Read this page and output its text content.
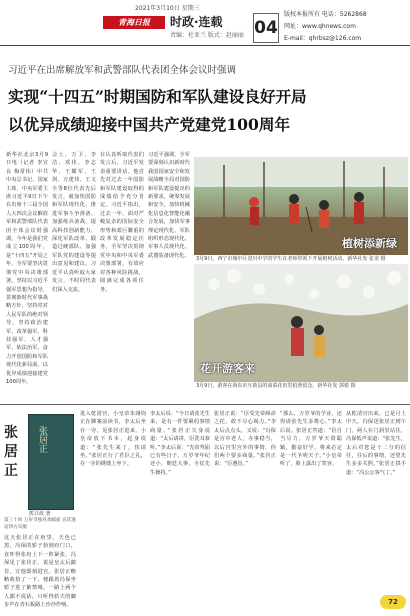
2021年3月10日 星期三
青海日报	时政·连载
责编：杜亚兰 版式：赵丽丽 04
版权本报所有 电话：5262868
网址：www.qhnews.com
E-mail：qhrbsz@126.com
习近平在出席解放军和武警部队代表团全体会议时强调
实现“十四五”时期国防和军队建设良好开局
以优异成绩迎接中国共产党建党100周年
新华社北京3月9日电（记者 李宣良 梅常伟）中共中央总书记、国家主席、中央军委主席习近平9日下午在出席十三届全国人大四次会议解放军和武警部队代表团全体会议时强调，今年是我们党成立100周年，是“十四五”开局之年。全军要坚决贯彻党中央决策部署，坚持以习近平强军思想为指导，贯彻新时代军事战略方针，坚持党对人民军队的绝对领导，坚持政治建军、改革强军、科技强军、人才强军、依法治军，奋力开创国防和军队现代化新局面，以优异成绩迎接建党100周年。
会上，万卫、李洁、邓伟、李志华、王耀军、王剑、万建伟、王文全等8位代表先后发言，就加快国防和军队现代化、推进军事斗争准备、加强练兵备战、提高科技创新能力、深化军队改革、锻造过硬部队、加强军队党的建设等提出意见和建议。习近平认真听取大家发言，不时同代表们深入交流。
在认真听取代表们发言后，习近平发表重要讲话。他首先对过去一年国防和军队建设取得的成绩给予充分肯定。习近平指出，过去一年，面对严峻复杂的国际安全形势和艰巨繁重的改革发展稳定任务，全军坚决贯彻党中央和中央军委决策部署，有效应对各种风险挑战，圆满完成各项任务。
习近平强调，全军要深刻认识新时代我国国家安全和发展战略全局对国防和军队建设提出的新要求，统筹发展和安全，加快机械化信息化智能化融合发展，加快军事理论现代化、军队组织形态现代化、军事人员现代化、武器装备现代化。
植树添新绿
3月9日，西宁市城中区湟川中学的学生在老师带领下开展植树活动。新华社发 张龙 摄
花开游客来
3月9日，游客在海东市互助县的油菜花田里拍照留念。新华社发 郭骏 摄
张居正
张居正
熊召政 著
第三十回 万岁爷独对高邮庙 宣读遗诏四方宾服
这天张居正在府里，天色已黑，冯保的轿子抬到府门口，直吓得张府上下一阵紧张。冯保见了张居正，说是皇太后懿旨，宣他即刻进宫。张居正略略收拾了一下，便跟着冯保坐轿子进了紫禁城。一路上两个人都不说话，只听得轿夫的脚步声在青石板路上沙沙作响。
进入乾清宫，小皇帝朱翊钧正在御案前读书，李太后坐在一旁。见张居正进来，小皇帝放下书本，起身说道：“张先生来了，快请坐。”张居正行了君臣之礼，在一旁的绣墩上坐下。
李太后说：“今日请张先生来，是有一件要紧的事情商量。”张居正欠身说道：“太后请讲，臣洗耳恭听。”李太后说：“先帝驾崩已有些日子，万岁爷年纪还小，朝廷大事，全仗先生操持。”
张居正说：“臣受先帝顾命之托，敢不尽心竭力。”李太后点点头，又说：“冯保是宫中老人，办事稳当，以后宫里宫外的事情，你们两个要多商量。”张居正说：“臣遵旨。”
“那么，万岁爷的学业，还得请张先生多费心。”李太后说。张居正答道：“臣自当尽力。万岁爷天资聪颖，勤奋好学，将来必定是一代圣明天子。”小皇帝听了，脸上露出了笑容。
从乾清宫出来，已是月上中天。冯保送张居正到午门，两人在门洞里站住，冯保低声说道：“张先生，太后对您是十二分的信任，往后的事情，还望先生多多关照。”张居正拱手道：“冯公公客气了。”
72
